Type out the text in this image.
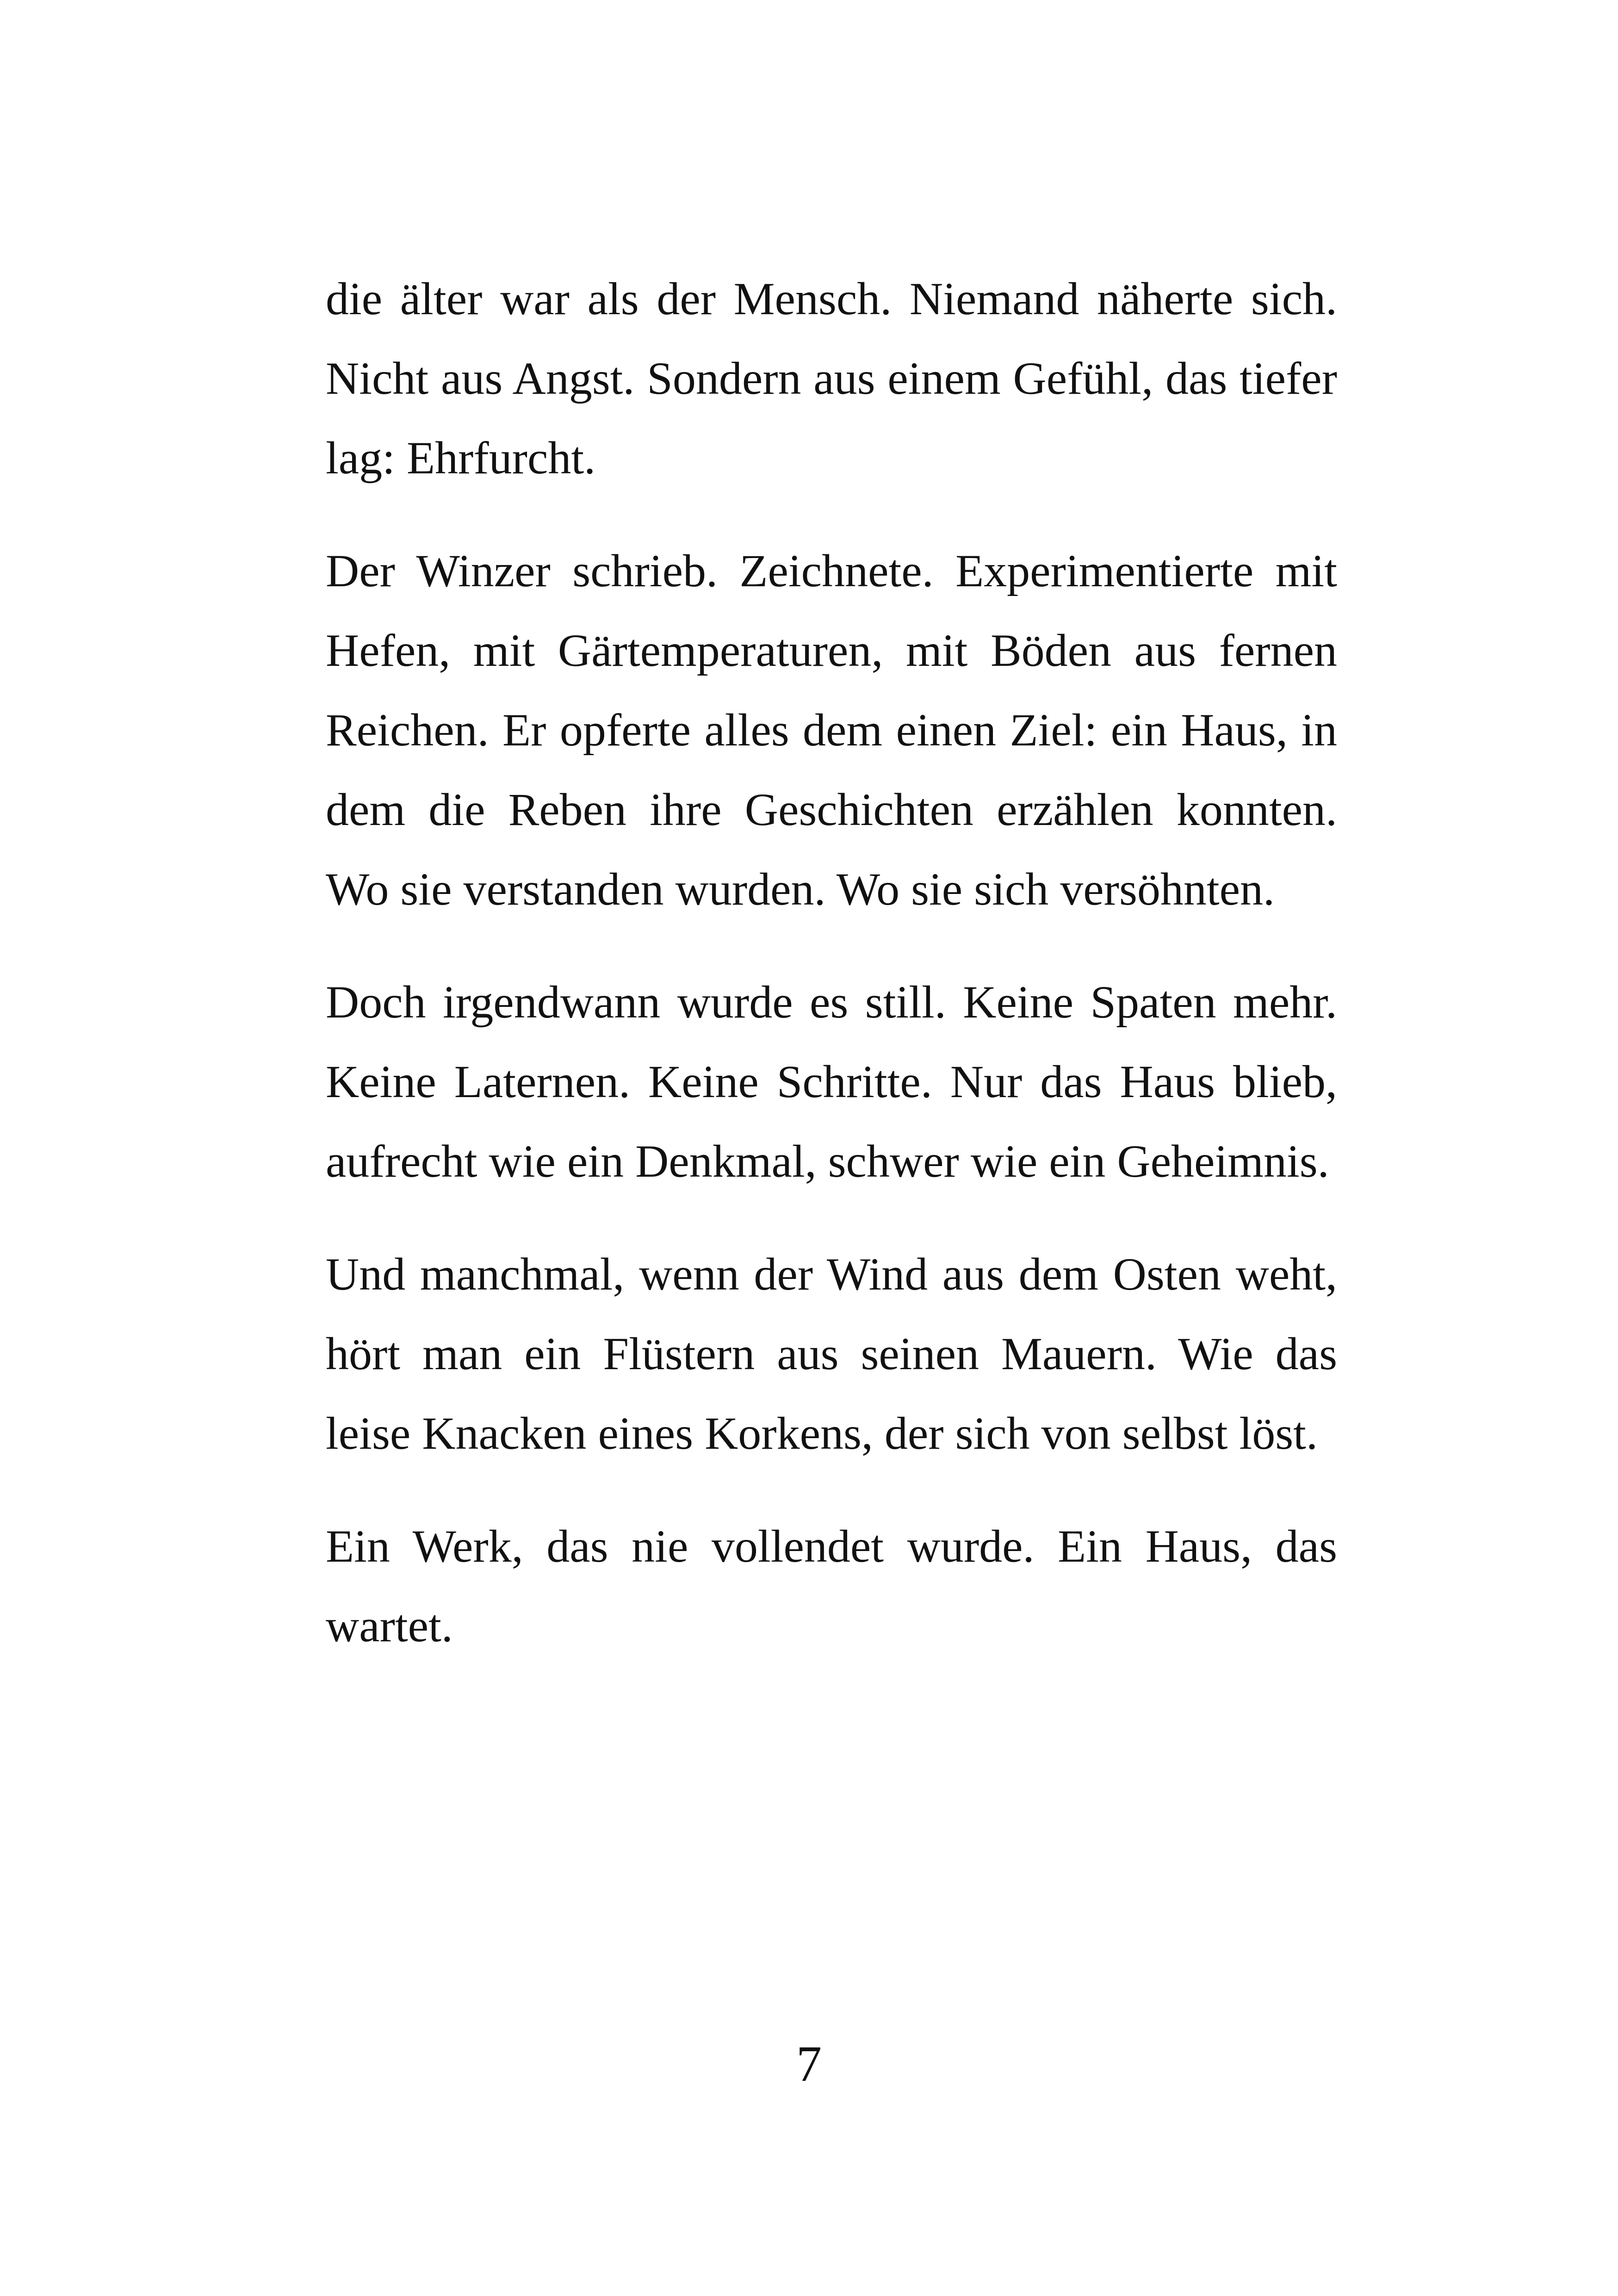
die älter war als der Mensch. Niemand näherte sich. Nicht aus Angst. Sondern aus einem Gefühl, das tiefer lag: Ehrfurcht.

Der Winzer schrieb. Zeichnete. Experimentierte mit Hefen, mit Gärtemperaturen, mit Böden aus fernen Reichen. Er opferte alles dem einen Ziel: ein Haus, in dem die Reben ihre Geschichten erzählen konnten. Wo sie verstanden wurden. Wo sie sich versöhnten.

Doch irgendwann wurde es still. Keine Spaten mehr. Keine Laternen. Keine Schritte. Nur das Haus blieb, aufrecht wie ein Denkmal, schwer wie ein Geheimnis.

Und manchmal, wenn der Wind aus dem Osten weht, hört man ein Flüstern aus seinen Mauern. Wie das leise Knacken eines Korkens, der sich von selbst löst.

Ein Werk, das nie vollendet wurde. Ein Haus, das wartet.

7
